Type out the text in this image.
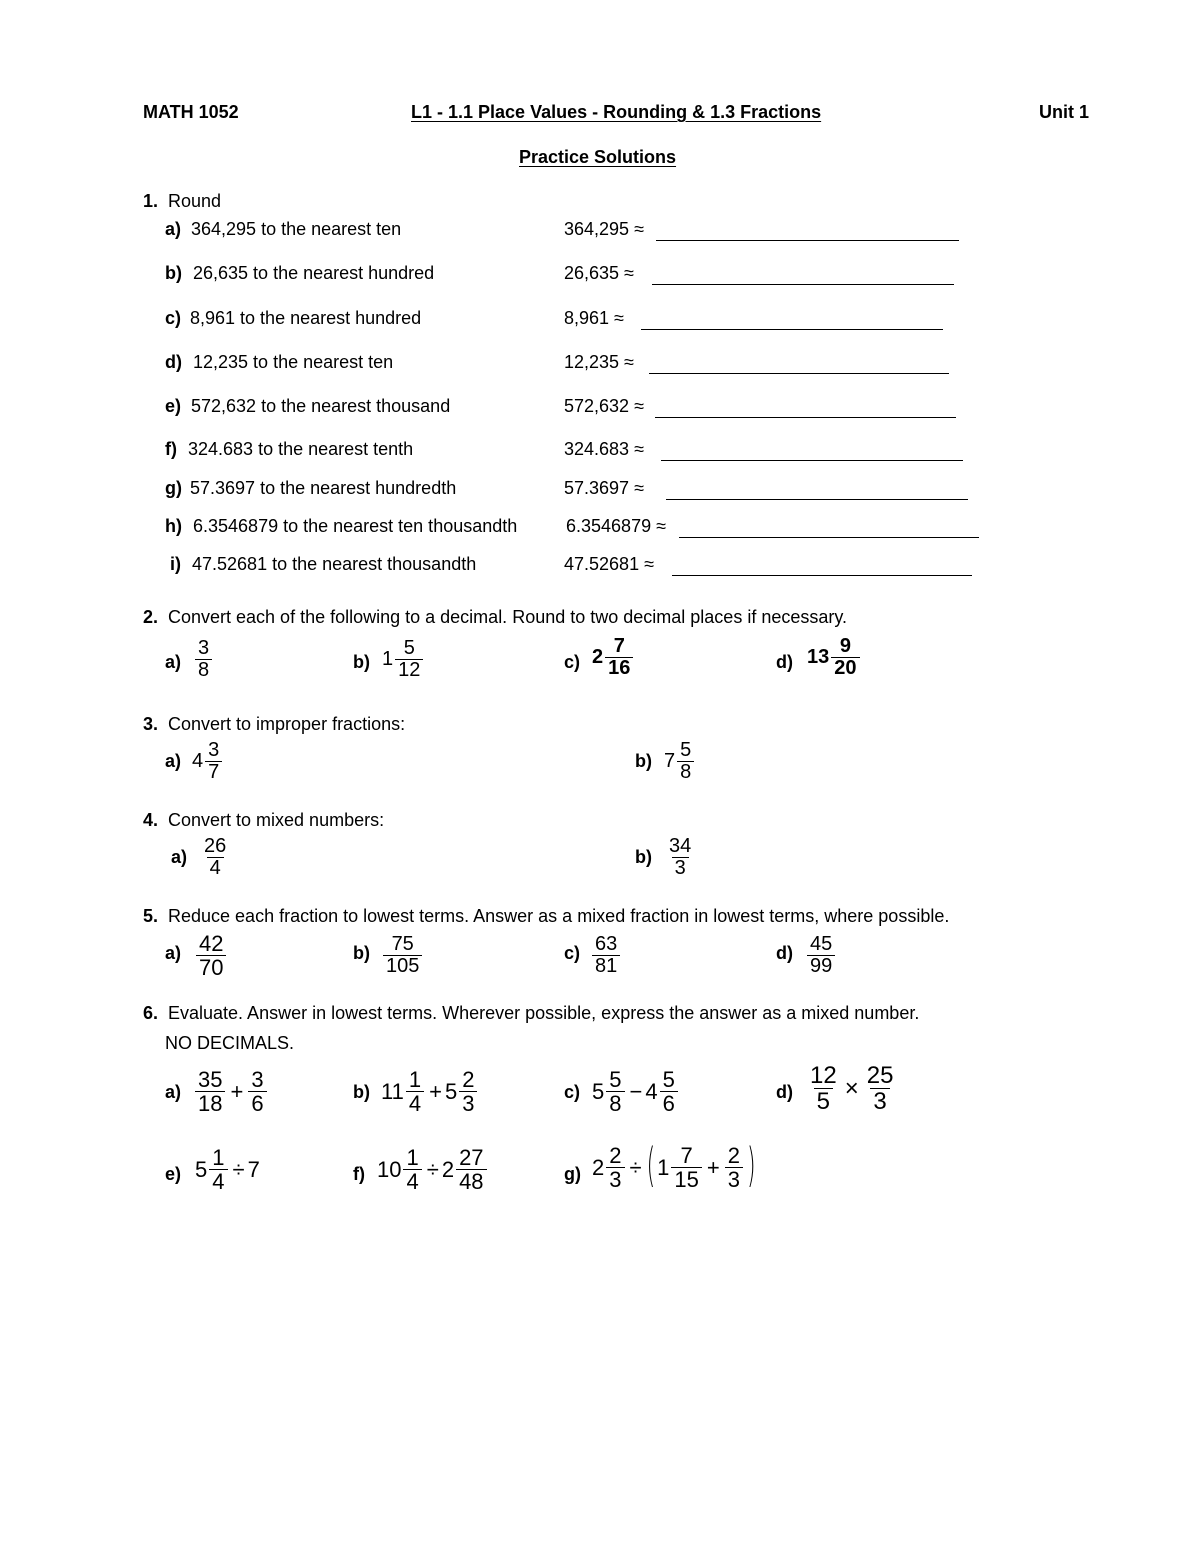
MATH 1052	L1 - 1.1 Place Values - Rounding & 1.3 Fractions	Unit 1
Practice Solutions
1. Round
a) 364,295 to the nearest ten	364,295 ≈
b) 26,635 to the nearest hundred	26,635 ≈
c) 8,961 to the nearest hundred	8,961 ≈
d) 12,235 to the nearest ten	12,235 ≈
e) 572,632 to the nearest thousand	572,632 ≈
f) 324.683 to the nearest tenth	324.683 ≈
g) 57.3697 to the nearest hundredth	57.3697 ≈
h) 6.3546879 to the nearest ten thousandth	6.3546879 ≈
i) 47.52681 to the nearest thousandth	47.52681 ≈
2. Convert each of the following to a decimal. Round to two decimal places if necessary.
$a) \frac{3}{8}$	b) $1 \frac{5}{12}$	c) $2 \frac{7}{16}$	d) $13 \frac{9}{20}$
3. Convert to improper fractions:
a) $4 \frac{3}{7}$	b) $7 \frac{5}{8}$
4. Convert to mixed numbers:
$a) \frac{26}{4}$	$b) \frac{34}{3}$
5. Reduce each fraction to lowest terms. Answer as a mixed fraction in lowest terms, where possible.
$a) \frac{42}{70}$	$b) \frac{75}{105}$	$c) \frac{63}{81}$	$d) \frac{45}{99}$
6. Evaluate. Answer in lowest terms. Wherever possible, express the answer as a mixed number.
NO DECIMALS.
$a) \frac{35}{18} + \frac{3}{6}$	b) $11 \frac{1}{4} + 5 \frac{2}{3}$	c) $5 \frac{5}{8} - 4 \frac{5}{6}$	$d) \frac{12}{5} \times \frac{25}{3}$
e) $5 \frac{1}{4} \div 7$	f) $10 \frac{1}{4} \div 2 \frac{27}{48}$	g) $2 \frac{2}{3}$ ÷ ( $1 \frac{7}{15} + \frac{2}{3}$ )
